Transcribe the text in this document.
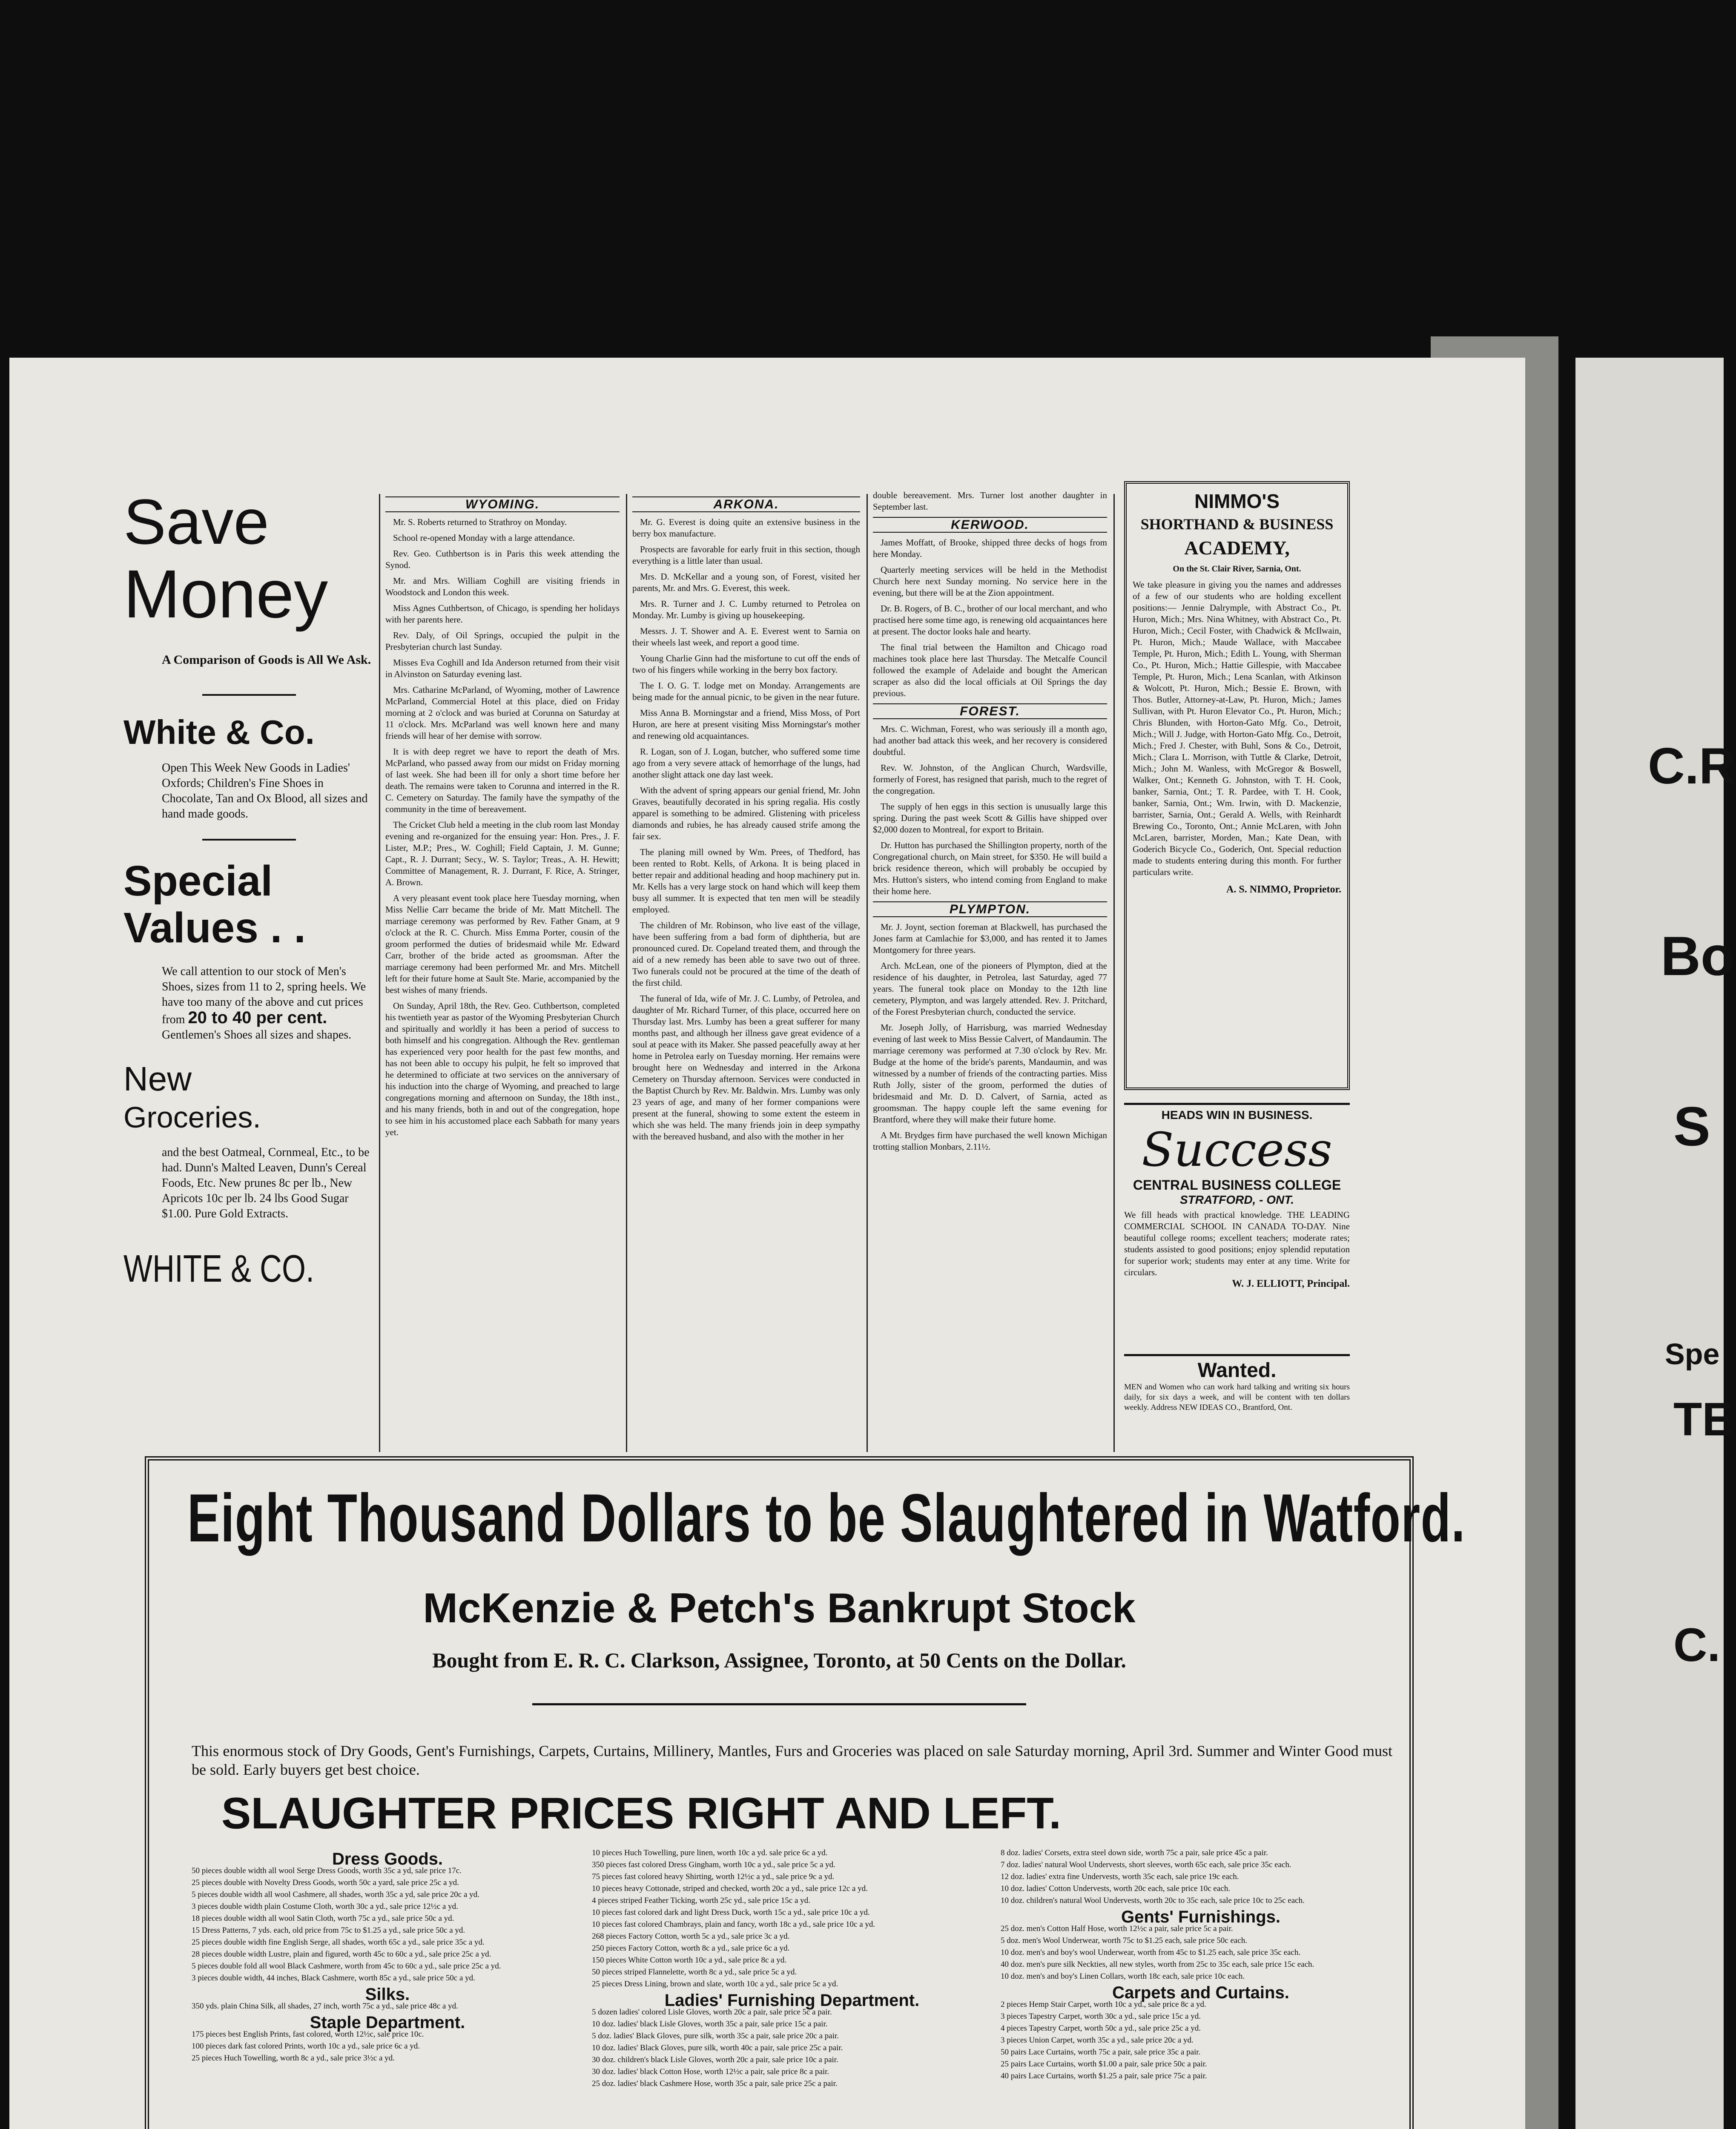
C.R
Bo
S
Spe
TE
C.
Save
Money
A Comparison of Goods is All We Ask.
White & Co.
Open This Week New Goods in Ladies' Oxfords; Children's Fine Shoes in Chocolate, Tan and Ox Blood, all sizes and hand made goods.
Special
Values . .
We call attention to our stock of Men's Shoes, sizes from 11 to 2, spring heels. We have too many of the above and cut prices from 20 to 40 per cent. Gentlemen's Shoes all sizes and shapes.
New
Groceries.
and the best Oatmeal, Cornmeal, Etc., to be had. Dunn's Malted Leaven, Dunn's Cereal Foods, Etc. New prunes 8c per lb., New Apricots 10c per lb. 24 lbs Good Sugar $1.00. Pure Gold Extracts.
WHITE & CO.
WYOMING.

Mr. S. Roberts returned to Strathroy on Monday.

School re-opened Monday with a large attendance.

Rev. Geo. Cuthbertson is in Paris this week attending the Synod.

Mr. and Mrs. William Coghill are visiting friends in Woodstock and London this week.

Miss Agnes Cuthbertson, of Chicago, is spending her holidays with her parents here.

Rev. Daly, of Oil Springs, occupied the pulpit in the Presbyterian church last Sunday.

Misses Eva Coghill and Ida Anderson returned from their visit in Alvinston on Saturday evening last.

Mrs. Catharine McParland, of Wyoming, mother of Lawrence McParland, Commercial Hotel at this place, died on Friday morning at 2 o'clock and was buried at Corunna on Saturday at 11 o'clock. Mrs. McParland was well known here and many friends will hear of her demise with sorrow.

It is with deep regret we have to report the death of Mrs. McParland, who passed away from our midst on Friday morning of last week. She had been ill for only a short time before her death. The remains were taken to Corunna and interred in the R. C. Cemetery on Saturday. The family have the sympathy of the community in the time of bereavement.

The Cricket Club held a meeting in the club room last Monday evening and re-organized for the ensuing year: Hon. Pres., J. F. Lister, M.P.; Pres., W. Coghill; Field Captain, J. M. Gunne; Capt., R. J. Durrant; Secy., W. S. Taylor; Treas., A. H. Hewitt; Committee of Management, R. J. Durrant, F. Rice, A. Stringer, A. Brown.

A very pleasant event took place here Tuesday morning, when Miss Nellie Carr became the bride of Mr. Matt Mitchell. The marriage ceremony was performed by Rev. Father Gnam, at 9 o'clock at the R. C. Church. Miss Emma Porter, cousin of the groom performed the duties of bridesmaid while Mr. Edward Carr, brother of the bride acted as groomsman. After the marriage ceremony had been performed Mr. and Mrs. Mitchell left for their future home at Sault Ste. Marie, accompanied by the best wishes of many friends.

On Sunday, April 18th, the Rev. Geo. Cuthbertson, completed his twentieth year as pastor of the Wyoming Presbyterian Church and spiritually and worldly it has been a period of success to both himself and his congregation. Although the Rev. gentleman has experienced very poor health for the past few months, and has not been able to occupy his pulpit, he felt so improved that he determined to officiate at two services on the anniversary of his induction into the charge of Wyoming, and preached to large congregations morning and afternoon on Sunday, the 18th inst., and his many friends, both in and out of the congregation, hope to see him in his accustomed place each Sabbath for many years yet.

ARKONA.

Mr. G. Everest is doing quite an extensive business in the berry box manufacture.

Prospects are favorable for early fruit in this section, though everything is a little later than usual.

Mrs. D. McKellar and a young son, of Forest, visited her parents, Mr. and Mrs. G. Everest, this week.

Mrs. R. Turner and J. C. Lumby returned to Petrolea on Monday. Mr. Lumby is giving up housekeeping.

Messrs. J. T. Shower and A. E. Everest went to Sarnia on their wheels last week, and report a good time.

Young Charlie Ginn had the misfortune to cut off the ends of two of his fingers while working in the berry box factory.

The I. O. G. T. lodge met on Monday. Arrangements are being made for the annual picnic, to be given in the near future.

Miss Anna B. Morningstar and a friend, Miss Moss, of Port Huron, are here at present visiting Miss Morningstar's mother and renewing old acquaintances.

R. Logan, son of J. Logan, butcher, who suffered some time ago from a very severe attack of hemorrhage of the lungs, had another slight attack one day last week.

With the advent of spring appears our genial friend, Mr. John Graves, beautifully decorated in his spring regalia. His costly apparel is something to be admired. Glistening with priceless diamonds and rubies, he has already caused strife among the fair sex.

The planing mill owned by Wm. Prees, of Thedford, has been rented to Robt. Kells, of Arkona. It is being placed in better repair and additional heading and hoop machinery put in. Mr. Kells has a very large stock on hand which will keep them busy all summer. It is expected that ten men will be steadily employed.

The children of Mr. Robinson, who live east of the village, have been suffering from a bad form of diphtheria, but are pronounced cured. Dr. Copeland treated them, and through the aid of a new remedy has been able to save two out of three. Two funerals could not be procured at the time of the death of the first child.

The funeral of Ida, wife of Mr. J. C. Lumby, of Petrolea, and daughter of Mr. Richard Turner, of this place, occurred here on Thursday last. Mrs. Lumby has been a great sufferer for many months past, and although her illness gave great evidence of a soul at peace with its Maker. She passed peacefully away at her home in Petrolea early on Tuesday morning. Her remains were brought here on Wednesday and interred in the Arkona Cemetery on Thursday afternoon. Services were conducted in the Baptist Church by Rev. Mr. Baldwin. Mrs. Lumby was only 23 years of age, and many of her former companions were present at the funeral, showing to some extent the esteem in which she was held. The many friends join in deep sympathy with the bereaved husband, and also with the mother in her

double bereavement. Mrs. Turner lost another daughter in September last.

KERWOOD.

James Moffatt, of Brooke, shipped three decks of hogs from here Monday.

Quarterly meeting services will be held in the Methodist Church here next Sunday morning. No service here in the evening, but there will be at the Zion appointment.

Dr. B. Rogers, of B. C., brother of our local merchant, and who practised here some time ago, is renewing old acquaintances here at present. The doctor looks hale and hearty.

The final trial between the Hamilton and Chicago road machines took place here last Thursday. The Metcalfe Council followed the example of Adelaide and bought the American scraper as also did the local officials at Oil Springs the day previous.

FOREST.

Mrs. C. Wichman, Forest, who was seriously ill a month ago, had another bad attack this week, and her recovery is considered doubtful.

Rev. W. Johnston, of the Anglican Church, Wardsville, formerly of Forest, has resigned that parish, much to the regret of the congregation.

The supply of hen eggs in this section is unusually large this spring. During the past week Scott & Gillis have shipped over $2,000 dozen to Montreal, for export to Britain.

Dr. Hutton has purchased the Shillington property, north of the Congregational church, on Main street, for $350. He will build a brick residence thereon, which will probably be occupied by Mrs. Hutton's sisters, who intend coming from England to make their home here.

PLYMPTON.

Mr. J. Joynt, section foreman at Blackwell, has purchased the Jones farm at Camlachie for $3,000, and has rented it to James Montgomery for three years.

Arch. McLean, one of the pioneers of Plympton, died at the residence of his daughter, in Petrolea, last Saturday, aged 77 years. The funeral took place on Monday to the 12th line cemetery, Plympton, and was largely attended. Rev. J. Pritchard, of the Forest Presbyterian church, conducted the service.

Mr. Joseph Jolly, of Harrisburg, was married Wednesday evening of last week to Miss Bessie Calvert, of Mandaumin. The marriage ceremony was performed at 7.30 o'clock by Rev. Mr. Budge at the home of the bride's parents, Mandaumin, and was witnessed by a number of friends of the contracting parties. Miss Ruth Jolly, sister of the groom, performed the duties of bridesmaid and Mr. D. D. Calvert, of Sarnia, acted as groomsman. The happy couple left the same evening for Brantford, where they will make their future home.

A Mt. Brydges firm have purchased the well known Michigan trotting stallion Monbars, 2.11½.

NIMMO'S
SHORTHAND & BUSINESS
ACADEMY,
On the St. Clair River, Sarnia, Ont.
We take pleasure in giving you the names and addresses of a few of our students who are holding excellent positions:— Jennie Dalrymple, with Abstract Co., Pt. Huron, Mich.; Mrs. Nina Whitney, with Abstract Co., Pt. Huron, Mich.; Cecil Foster, with Chadwick & McIlwain, Pt. Huron, Mich.; Maude Wallace, with Maccabee Temple, Pt. Huron, Mich.; Edith L. Young, with Sherman Co., Pt. Huron, Mich.; Hattie Gillespie, with Maccabee Temple, Pt. Huron, Mich.; Lena Scanlan, with Atkinson & Wolcott, Pt. Huron, Mich.; Bessie E. Brown, with Thos. Butler, Attorney-at-Law, Pt. Huron, Mich.; James Sullivan, with Pt. Huron Elevator Co., Pt. Huron, Mich.; Chris Blunden, with Horton-Gato Mfg. Co., Detroit, Mich.; Will J. Judge, with Horton-Gato Mfg. Co., Detroit, Mich.; Fred J. Chester, with Buhl, Sons & Co., Detroit, Mich.; Clara L. Morrison, with Tuttle & Clarke, Detroit, Mich.; John M. Wanless, with McGregor & Boswell, Walker, Ont.; Kenneth G. Johnston, with T. H. Cook, banker, Sarnia, Ont.; T. R. Pardee, with T. H. Cook, banker, Sarnia, Ont.; Wm. Irwin, with D. Mackenzie, barrister, Sarnia, Ont.; Gerald A. Wells, with Reinhardt Brewing Co., Toronto, Ont.; Annie McLaren, with John McLaren, barrister, Morden, Man.; Kate Dean, with Goderich Bicycle Co., Goderich, Ont. Special reduction made to students entering during this month. For further particulars write.
A. S. NIMMO, Proprietor.
HEADS WIN IN BUSINESS.
Success
CENTRAL BUSINESS COLLEGE
STRATFORD, - ONT.
We fill heads with practical knowledge. THE LEADING COMMERCIAL SCHOOL IN CANADA TO-DAY. Nine beautiful college rooms; excellent teachers; moderate rates; students assisted to good positions; enjoy splendid reputation for superior work; students may enter at any time. Write for circulars.
W. J. ELLIOTT, Principal.
Wanted.
MEN and Women who can work hard talking and writing six hours daily, for six days a week, and will be content with ten dollars weekly. Address NEW IDEAS CO., Brantford, Ont.
Eight Thousand Dollars to be Slaughtered in Watford.
McKenzie & Petch's Bankrupt Stock
Bought from E. R. C. Clarkson, Assignee, Toronto, at 50 Cents on the Dollar.
This enormous stock of Dry Goods, Gent's Furnishings, Carpets, Curtains, Millinery, Mantles, Furs and Groceries was placed on sale Saturday morning, April 3rd. Summer and Winter Good must be sold. Early buyers get best choice.
SLAUGHTER PRICES RIGHT AND LEFT.
Dress Goods.
50 pieces double width all wool Serge Dress Goods, worth 35c a yd, sale price 17c.
25 pieces double with Novelty Dress Goods, worth 50c a yard, sale price 25c a yd.
5 pieces double width all wool Cashmere, all shades, worth 35c a yd, sale price 20c a yd.
3 pieces double width plain Costume Cloth, worth 30c a yd., sale price 12½c a yd.
18 pieces double width all wool Satin Cloth, worth 75c a yd., sale price 50c a yd.
15 Dress Patterns, 7 yds. each, old price from 75c to $1.25 a yd., sale price 50c a yd.
25 pieces double width fine English Serge, all shades, worth 65c a yd., sale price 35c a yd.
28 pieces double width Lustre, plain and figured, worth 45c to 60c a yd., sale price 25c a yd.
5 pieces double fold all wool Black Cashmere, worth from 45c to 60c a yd., sale price 25c a yd.
3 pieces double width, 44 inches, Black Cashmere, worth 85c a yd., sale price 50c a yd.
Silks.
350 yds. plain China Silk, all shades, 27 inch, worth 75c a yd., sale price 48c a yd.
Staple Department.
175 pieces best English Prints, fast colored, worth 12½c, sale price 10c.
100 pieces dark fast colored Prints, worth 10c a yd., sale price 6c a yd.
25 pieces Huch Towelling, worth 8c a yd., sale price 3½c a yd.
10 pieces Huch Towelling, pure linen, worth 10c a yd. sale price 6c a yd.
350 pieces fast colored Dress Gingham, worth 10c a yd., sale price 5c a yd.
75 pieces fast colored heavy Shirting, worth 12½c a yd., sale price 9c a yd.
10 pieces heavy Cottonade, striped and checked, worth 20c a yd., sale price 12c a yd.
4 pieces striped Feather Ticking, worth 25c yd., sale price 15c a yd.
10 pieces fast colored dark and light Dress Duck, worth 15c a yd., sale price 10c a yd.
10 pieces fast colored Chambrays, plain and fancy, worth 18c a yd., sale price 10c a yd.
268 pieces Factory Cotton, worth 5c a yd., sale price 3c a yd.
250 pieces Factory Cotton, worth 8c a yd., sale price 6c a yd.
150 pieces White Cotton worth 10c a yd., sale price 8c a yd.
50 pieces striped Flannelette, worth 8c a yd., sale price 5c a yd.
25 pieces Dress Lining, brown and slate, worth 10c a yd., sale price 5c a yd.
Ladies' Furnishing Department.
5 dozen ladies' colored Lisle Gloves, worth 20c a pair, sale price 5c a pair.
10 doz. ladies' black Lisle Gloves, worth 35c a pair, sale price 15c a pair.
5 doz. ladies' Black Gloves, pure silk, worth 35c a pair, sale price 20c a pair.
10 doz. ladies' Black Gloves, pure silk, worth 40c a pair, sale price 25c a pair.
30 doz. children's black Lisle Gloves, worth 20c a pair, sale price 10c a pair.
30 doz. ladies' black Cotton Hose, worth 12½c a pair, sale price 8c a pair.
25 doz. ladies' black Cashmere Hose, worth 35c a pair, sale price 25c a pair.
8 doz. ladies' Corsets, extra steel down side, worth 75c a pair, sale price 45c a pair.
7 doz. ladies' natural Wool Undervests, short sleeves, worth 65c each, sale price 35c each.
12 doz. ladies' extra fine Undervests, worth 35c each, sale price 19c each.
10 doz. ladies' Cotton Undervests, worth 20c each, sale price 10c each.
10 doz. children's natural Wool Undervests, worth 20c to 35c each, sale price 10c to 25c each.
Gents' Furnishings.
25 doz. men's Cotton Half Hose, worth 12½c a pair, sale price 5c a pair.
5 doz. men's Wool Underwear, worth 75c to $1.25 each, sale price 50c each.
10 doz. men's and boy's wool Underwear, worth from 45c to $1.25 each, sale price 35c each.
40 doz. men's pure silk Neckties, all new styles, worth from 25c to 35c each, sale price 15c each.
10 doz. men's and boy's Linen Collars, worth 18c each, sale price 10c each.
Carpets and Curtains.
2 pieces Hemp Stair Carpet, worth 10c a yd., sale price 8c a yd.
3 pieces Tapestry Carpet, worth 30c a yd., sale price 15c a yd.
4 pieces Tapestry Carpet, worth 50c a yd., sale price 25c a yd.
3 pieces Union Carpet, worth 35c a yd., sale price 20c a yd.
50 pairs Lace Curtains, worth 75c a pair, sale price 35c a pair.
25 pairs Lace Curtains, worth $1.00 a pair, sale price 50c a pair.
40 pairs Lace Curtains, worth $1.25 a pair, sale price 75c a pair.
